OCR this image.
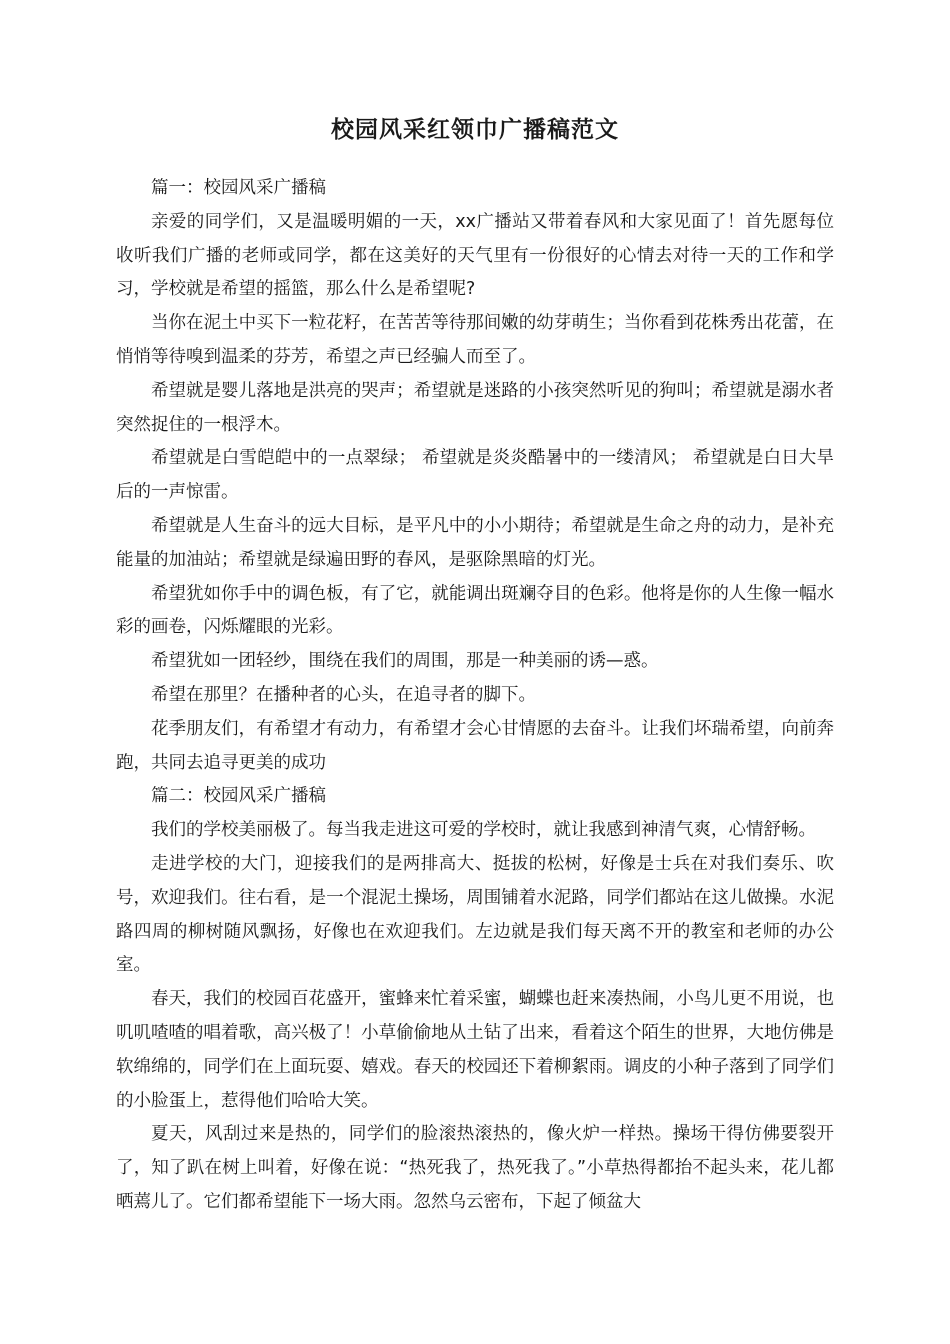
校园风采红领巾广播稿范文

篇一：校园风采广播稿

亲爱的同学们，又是温暖明媚的一天，xx广播站又带着春风和大家见面了！首先愿每位收听我们广播的老师或同学，都在这美好的天气里有一份很好的心情去对待一天的工作和学习，学校就是希望的摇篮，那么什么是希望呢?

当你在泥土中买下一粒花籽，在苦苦等待那间嫩的幼芽萌生；当你看到花株秀出花蕾，在悄悄等待嗅到温柔的芬芳，希望之声已经骗人而至了。

希望就是婴儿落地是洪亮的哭声；希望就是迷路的小孩突然听见的狗叫；希望就是溺水者突然捉住的一根浮木。

希望就是白雪皑皑中的一点翠绿； 希望就是炎炎酷暑中的一缕清风； 希望就是白日大旱后的一声惊雷。

希望就是人生奋斗的远大目标，是平凡中的小小期待；希望就是生命之舟的动力，是补充能量的加油站；希望就是绿遍田野的春风，是驱除黑暗的灯光。

希望犹如你手中的调色板，有了它，就能调出斑斓夺目的色彩。他将是你的人生像一幅水彩的画卷，闪烁耀眼的光彩。

希望犹如一团轻纱，围绕在我们的周围，那是一种美丽的诱—惑。

希望在那里？在播种者的心头，在追寻者的脚下。

花季朋友们，有希望才有动力，有希望才会心甘情愿的去奋斗。让我们坏瑞希望，向前奔跑，共同去追寻更美的成功

篇二：校园风采广播稿

我们的学校美丽极了。每当我走进这可爱的学校时，就让我感到神清气爽，心情舒畅。

走进学校的大门，迎接我们的是两排高大、挺拔的松树，好像是士兵在对我们奏乐、吹号，欢迎我们。往右看，是一个混泥土操场，周围铺着水泥路，同学们都站在这儿做操。水泥路四周的柳树随风飘扬，好像也在欢迎我们。左边就是我们每天离不开的教室和老师的办公室。

春天，我们的校园百花盛开，蜜蜂来忙着采蜜，蝴蝶也赶来凑热闹，小鸟儿更不用说，也叽叽喳喳的唱着歌，高兴极了！小草偷偷地从土钻了出来，看着这个陌生的世界，大地仿佛是软绵绵的，同学们在上面玩耍、嬉戏。春天的校园还下着柳絮雨。调皮的小种子落到了同学们的小脸蛋上，惹得他们哈哈大笑。

夏天，风刮过来是热的，同学们的脸滚热滚热的，像火炉一样热。操场干得仿佛要裂开了，知了趴在树上叫着，好像在说：“热死我了，热死我了。”小草热得都抬不起头来，花儿都晒蔫儿了。它们都希望能下一场大雨。忽然乌云密布，下起了倾盆大
